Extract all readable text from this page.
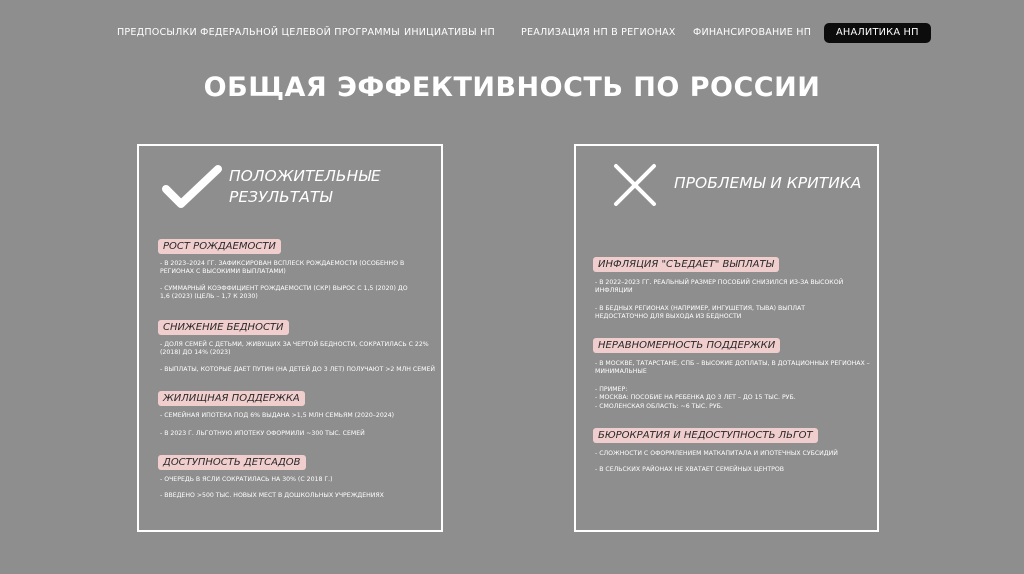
ПРЕДПОСЫЛКИ ФЕДЕРАЛЬНОЙ ЦЕЛЕВОЙ ПРОГРАММЫ ИНИЦИАТИВЫ НП	РЕАЛИЗАЦИЯ НП В РЕГИОНАХ ФИНАНСИРОВАНИЕ НП	АНАЛИТИКА НП
ОБЩАЯ ЭФФЕКТИВНОСТЬ ПО РОССИИ
ПОЛОЖИТЕЛЬНЫЕ
РЕЗУЛЬТАТЫ
РОСТ РОЖДАЕМОСТИ
- В 2023–2024 ГГ. ЗАФИКСИРОВАН ВСПЛЕСК РОЖДАЕМОСТИ (ОСОБЕННО В
РЕГИОНАХ С ВЫСОКИМИ ВЫПЛАТАМИ)
- СУММАРНЫЙ КОЭФФИЦИЕНТ РОЖДАЕМОСТИ (СКР) ВЫРОС С 1,5 (2020) ДО
1,6 (2023) (ЦЕЛЬ – 1,7 К 2030)
СНИЖЕНИЕ БЕДНОСТИ
- ДОЛЯ СЕМЕЙ С ДЕТЬМИ, ЖИВУЩИХ ЗА ЧЕРТОЙ БЕДНОСТИ, СОКРАТИЛАСЬ С 22%
(2018) ДО 14% (2023)
- ВЫПЛАТЫ, КОТОРЫЕ ДАЕТ ПУТИН (НА ДЕТЕЙ ДО 3 ЛЕТ) ПОЛУЧАЮТ >2 МЛН СЕМЕЙ
ЖИЛИЩНАЯ ПОДДЕРЖКА
- СЕМЕЙНАЯ ИПОТЕКА ПОД 6% ВЫДАНА >1,5 МЛН СЕМЬЯМ (2020–2024)
- В 2023 Г. ЛЬГОТНУЮ ИПОТЕКУ ОФОРМИЛИ ~300 ТЫС. СЕМЕЙ
ДОСТУПНОСТЬ ДЕТСАДОВ
- ОЧЕРЕДЬ В ЯСЛИ СОКРАТИЛАСЬ НА 30% (С 2018 Г.)
- ВВЕДЕНО >500 ТЫС. НОВЫХ МЕСТ В ДОШКОЛЬНЫХ УЧРЕЖДЕНИЯХ
ПРОБЛЕМЫ И КРИТИКА
ИНФЛЯЦИЯ "СЪЕДАЕТ" ВЫПЛАТЫ
- В 2022–2023 ГГ. РЕАЛЬНЫЙ РАЗМЕР ПОСОБИЙ СНИЗИЛСЯ ИЗ-ЗА ВЫСОКОЙ
ИНФЛЯЦИИ
- В БЕДНЫХ РЕГИОНАХ (НАПРИМЕР, ИНГУШЕТИЯ, ТЫВА) ВЫПЛАТ
НЕДОСТАТОЧНО ДЛЯ ВЫХОДА ИЗ БЕДНОСТИ
НЕРАВНОМЕРНОСТЬ ПОДДЕРЖКИ
- В МОСКВЕ, ТАТАРСТАНЕ, СПБ – ВЫСОКИЕ ДОПЛАТЫ, В ДОТАЦИОННЫХ РЕГИОНАХ –
МИНИМАЛЬНЫЕ
- ПРИМЕР:
- МОСКВА: ПОСОБИЕ НА РЕБЕНКА ДО 3 ЛЕТ – ДО 15 ТЫС. РУБ.
- СМОЛЕНСКАЯ ОБЛАСТЬ: ~6 ТЫС. РУБ.
БЮРОКРАТИЯ И НЕДОСТУПНОСТЬ ЛЬГОТ
- СЛОЖНОСТИ С ОФОРМЛЕНИЕМ МАТКАПИТАЛА И ИПОТЕЧНЫХ СУБСИДИЙ
- В СЕЛЬСКИХ РАЙОНАХ НЕ ХВАТАЕТ СЕМЕЙНЫХ ЦЕНТРОВ
